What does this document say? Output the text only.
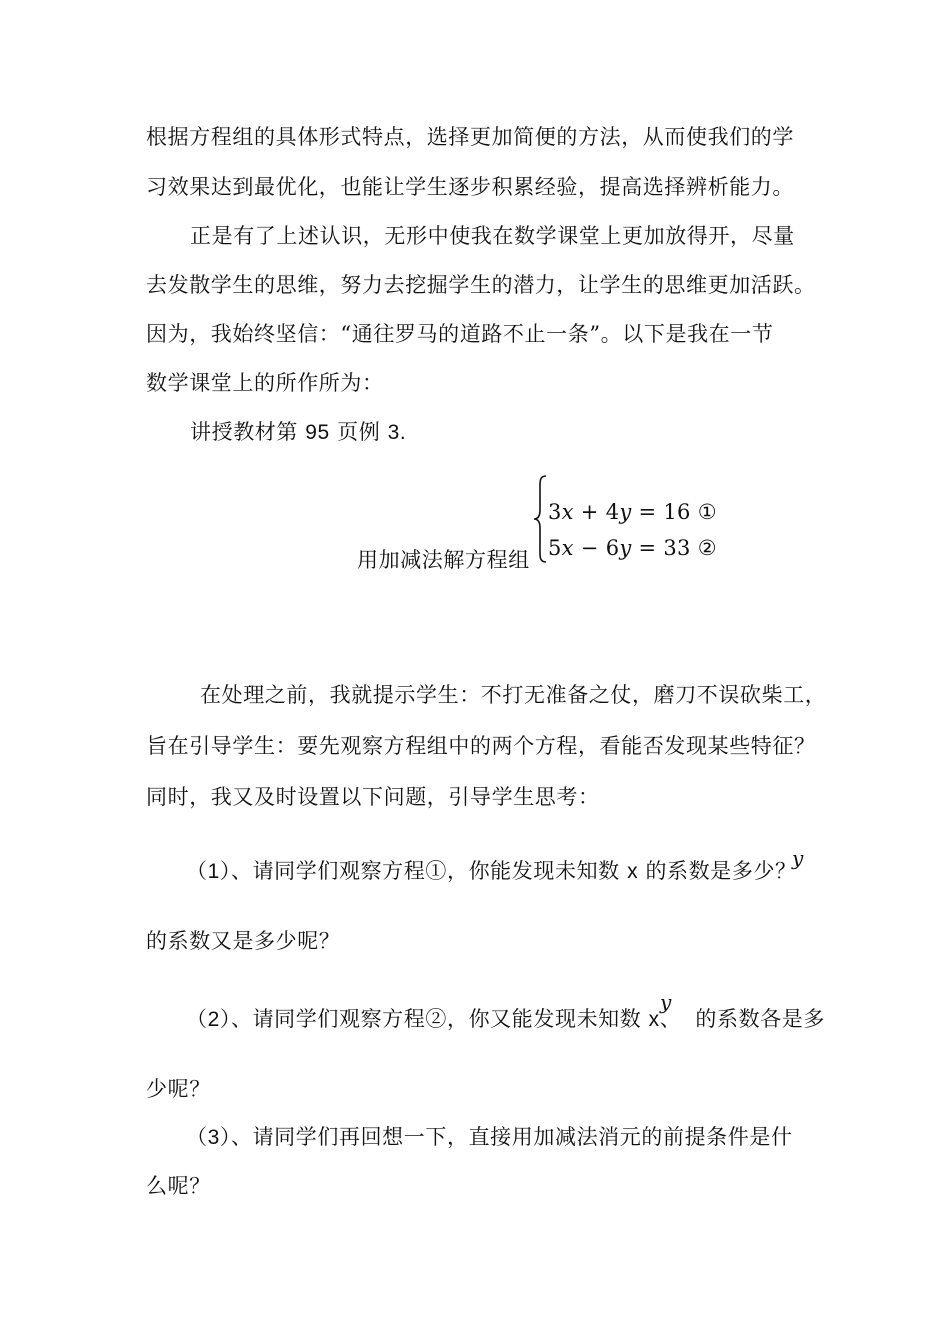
根据方程组的具体形式特点，选择更加简便的方法，从而使我们的学
习效果达到最优化，也能让学生逐步积累经验，提高选择辨析能力。
正是有了上述认识，无形中使我在数学课堂上更加放得开，尽量
去发散学生的思维，努力去挖掘学生的潜力，让学生的思维更加活跃。
因为，我始终坚信：“通往罗马的道路不止一条”。以下是我在一节
数学课堂上的所作所为：
讲授教材第 95 页例 3.
用加减法解方程组
3x + 4y = 16 ①
5x − 6y = 33 ②
在处理之前，我就提示学生：不打无准备之仗，磨刀不误砍柴工，
旨在引导学生：要先观察方程组中的两个方程，看能否发现某些特征？
同时，我又及时设置以下问题，引导学生思考：
（1）、请同学们观察方程①，你能发现未知数 x 的系数是多少？
y
的系数又是多少呢？
（2）、请同学们观察方程②，你又能发现未知数 x、 的系数各是多
y
少呢？
（3）、请同学们再回想一下，直接用加减法消元的前提条件是什
么呢？
